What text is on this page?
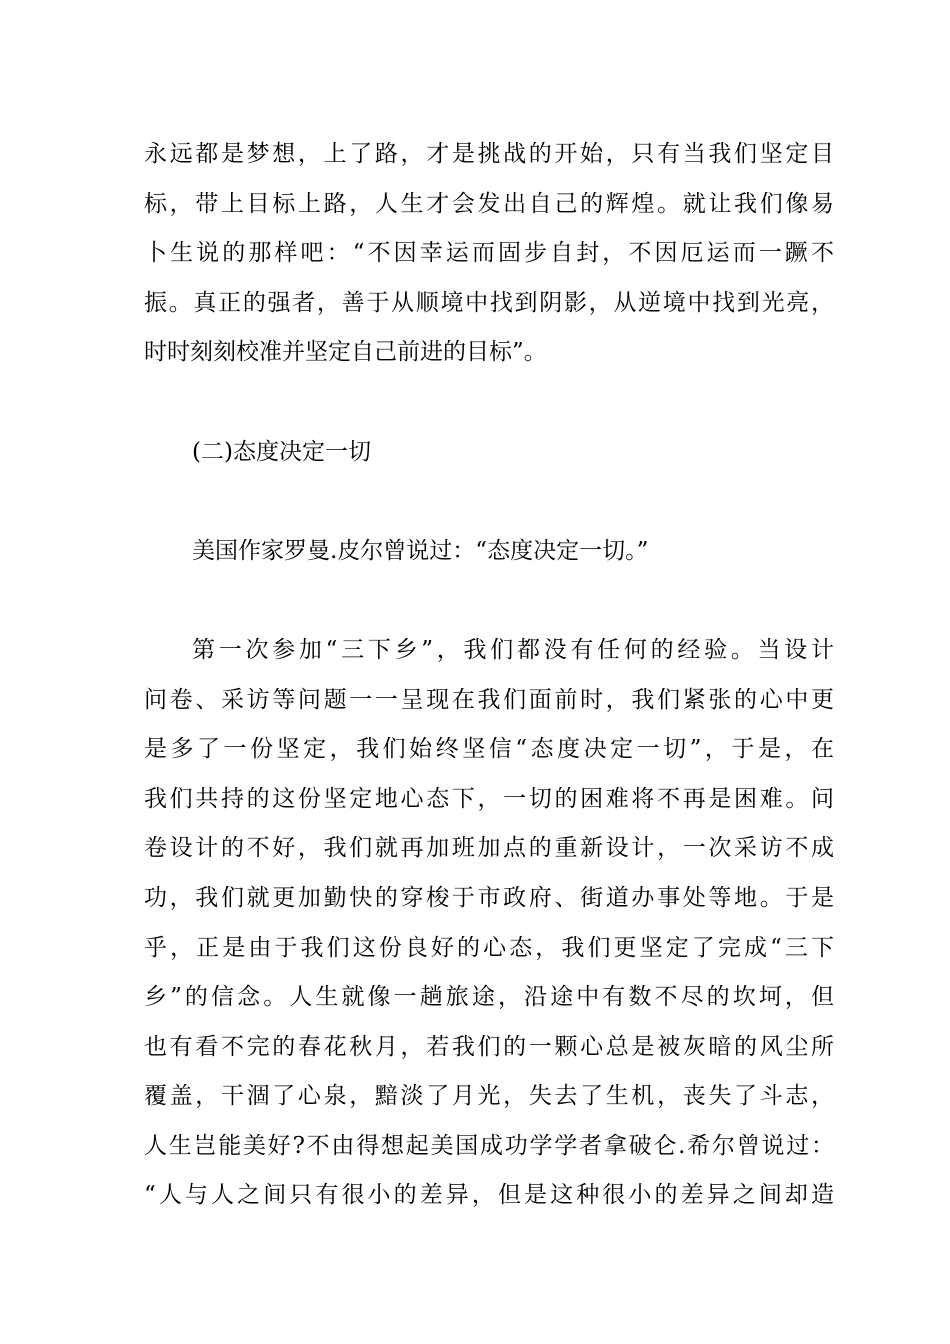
永远都是梦想，上了路，才是挑战的开始，只有当我们坚定目
标，带上目标上路，人生才会发出自己的辉煌。就让我们像易
卜生说的那样吧：“不因幸运而固步自封，不因厄运而一蹶不
振。真正的强者，善于从顺境中找到阴影，从逆境中找到光亮，
时时刻刻校准并坚定自己前进的目标”。
(二)态度决定一切
美国作家罗曼.皮尔曾说过：“态度决定一切。”
第一次参加“三下乡”，我们都没有任何的经验。当设计
问卷、采访等问题一一呈现在我们面前时，我们紧张的心中更
是多了一份坚定，我们始终坚信“态度决定一切”，于是，在
我们共持的这份坚定地心态下，一切的困难将不再是困难。问
卷设计的不好，我们就再加班加点的重新设计，一次采访不成
功，我们就更加勤快的穿梭于市政府、街道办事处等地。于是
乎，正是由于我们这份良好的心态，我们更坚定了完成“三下
乡”的信念。人生就像一趟旅途，沿途中有数不尽的坎坷，但
也有看不完的春花秋月，若我们的一颗心总是被灰暗的风尘所
覆盖，干涸了心泉，黯淡了月光，失去了生机，丧失了斗志，
人生岂能美好?不由得想起美国成功学学者拿破仑.希尔曾说过：
“人与人之间只有很小的差异，但是这种很小的差异之间却造
